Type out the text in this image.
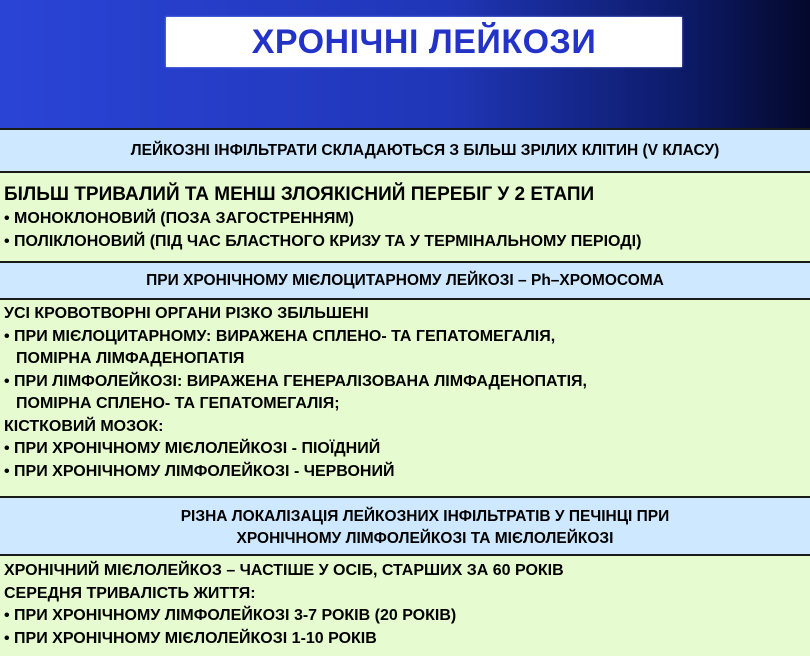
ХРОНІЧНІ ЛЕЙКОЗИ
ЛЕЙКОЗНІ ІНФІЛЬТРАТИ СКЛАДАЮТЬСЯ З БІЛЬШ ЗРІЛИХ КЛІТИН (V КЛАСУ)
БІЛЬШ ТРИВАЛИЙ ТА МЕНШ ЗЛОЯКІСНИЙ ПЕРЕБІГ У 2 ЕТАПИ
• МОНОКЛОНОВИЙ (ПОЗА ЗАГОСТРЕННЯМ)
• ПОЛІКЛОНОВИЙ (ПІД ЧАС БЛАСТНОГО КРИЗУ ТА У ТЕРМІНАЛЬНОМУ ПЕРІОДІ)
ПРИ ХРОНІЧНОМУ МІЄЛОЦИТАРНОМУ ЛЕЙКОЗІ – Ph–ХРОМОСОМА
УСІ КРОВОТВОРНІ ОРГАНИ РІЗКО ЗБІЛЬШЕНІ
• ПРИ МІЄЛОЦИТАРНОМУ: ВИРАЖЕНА СПЛЕНО- ТА ГЕПАТОМЕГАЛІЯ,
ПОМІРНА ЛІМФАДЕНОПАТІЯ
• ПРИ ЛІМФОЛЕЙКОЗІ: ВИРАЖЕНА ГЕНЕРАЛІЗОВАНА ЛІМФАДЕНОПАТІЯ,
ПОМІРНА СПЛЕНО- ТА ГЕПАТОМЕГАЛІЯ;
КІСТКОВИЙ МОЗОК:
• ПРИ ХРОНІЧНОМУ МІЄЛОЛЕЙКОЗІ - ПІОЇДНИЙ
• ПРИ ХРОНІЧНОМУ ЛІМФОЛЕЙКОЗІ - ЧЕРВОНИЙ
РІЗНА ЛОКАЛІЗАЦІЯ ЛЕЙКОЗНИХ ІНФІЛЬТРАТІВ У ПЕЧІНЦІ ПРИ
ХРОНІЧНОМУ ЛІМФОЛЕЙКОЗІ ТА МІЄЛОЛЕЙКОЗІ
ХРОНІЧНИЙ МІЄЛОЛЕЙКОЗ – ЧАСТІШЕ У ОСІБ, СТАРШИХ ЗА 60 РОКІВ
СЕРЕДНЯ ТРИВАЛІСТЬ ЖИТТЯ:
• ПРИ ХРОНІЧНОМУ ЛІМФОЛЕЙКОЗІ 3-7 РОКІВ (20 РОКІВ)
• ПРИ ХРОНІЧНОМУ МІЄЛОЛЕЙКОЗІ 1-10 РОКІВ
